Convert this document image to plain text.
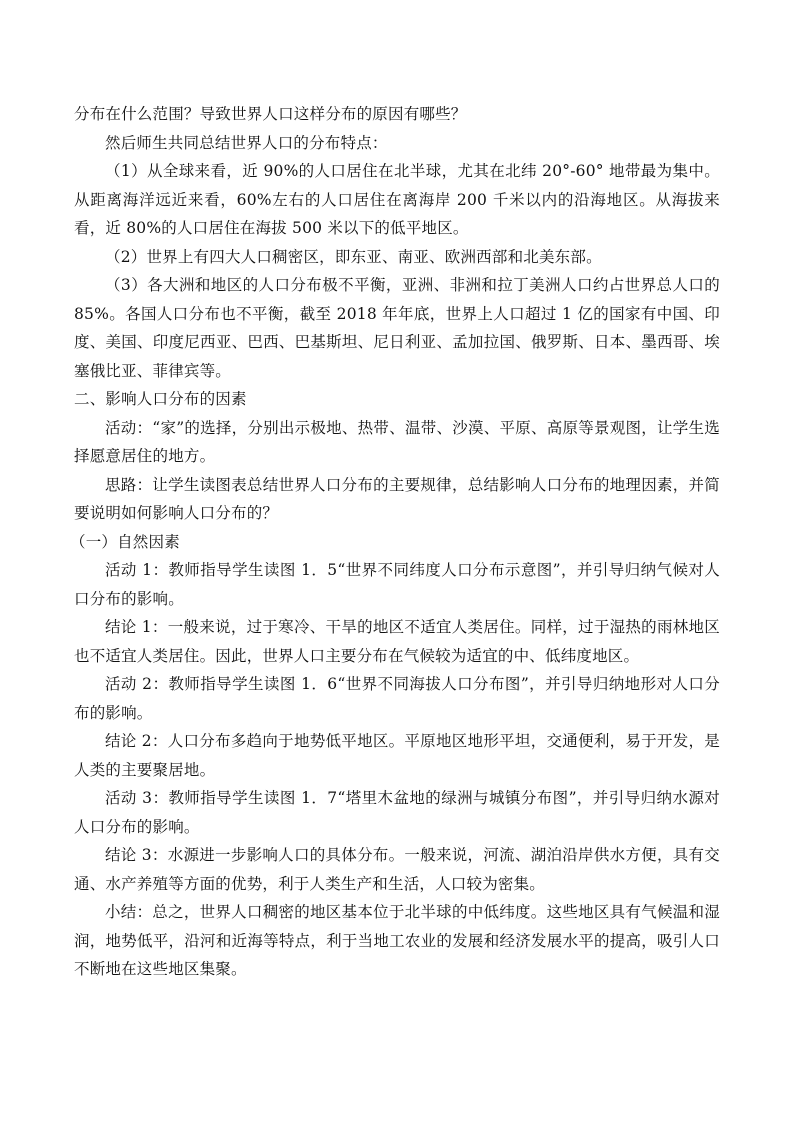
分布在什么范围？导致世界人口这样分布的原因有哪些？

然后师生共同总结世界人口的分布特点：

（1）从全球来看，近 90%的人口居住在北半球，尤其在北纬 20°-60° 地带最为集中。从距离海洋远近来看，60%左右的人口居住在离海岸 200 千米以内的沿海地区。从海拔来看，近 80%的人口居住在海拔 500 米以下的低平地区。

（2）世界上有四大人口稠密区，即东亚、南亚、欧洲西部和北美东部。

（3）各大洲和地区的人口分布极不平衡，亚洲、非洲和拉丁美洲人口约占世界总人口的 85%。各国人口分布也不平衡，截至 2018 年年底，世界上人口超过 1 亿的国家有中国、印度、美国、印度尼西亚、巴西、巴基斯坦、尼日利亚、孟加拉国、俄罗斯、日本、墨西哥、埃塞俄比亚、菲律宾等。

二、影响人口分布的因素

活动：“家”的选择，分别出示极地、热带、温带、沙漠、平原、高原等景观图，让学生选择愿意居住的地方。

思路：让学生读图表总结世界人口分布的主要规律，总结影响人口分布的地理因素，并简要说明如何影响人口分布的？

（一）自然因素

活动 1：教师指导学生读图 1．5“世界不同纬度人口分布示意图”，并引导归纳气候对人口分布的影响。

结论 1：一般来说，过于寒冷、干旱的地区不适宜人类居住。同样，过于湿热的雨林地区也不适宜人类居住。因此，世界人口主要分布在气候较为适宜的中、低纬度地区。

活动 2：教师指导学生读图 1．6“世界不同海拔人口分布图”，并引导归纳地形对人口分布的影响。

结论 2：人口分布多趋向于地势低平地区。平原地区地形平坦，交通便利，易于开发，是人类的主要聚居地。

活动 3：教师指导学生读图 1．7“塔里木盆地的绿洲与城镇分布图”，并引导归纳水源对人口分布的影响。

结论 3：水源进一步影响人口的具体分布。一般来说，河流、湖泊沿岸供水方便，具有交通、水产养殖等方面的优势，利于人类生产和生活，人口较为密集。

小结：总之，世界人口稠密的地区基本位于北半球的中低纬度。这些地区具有气候温和湿润，地势低平，沿河和近海等特点，利于当地工农业的发展和经济发展水平的提高，吸引人口不断地在这些地区集聚。
